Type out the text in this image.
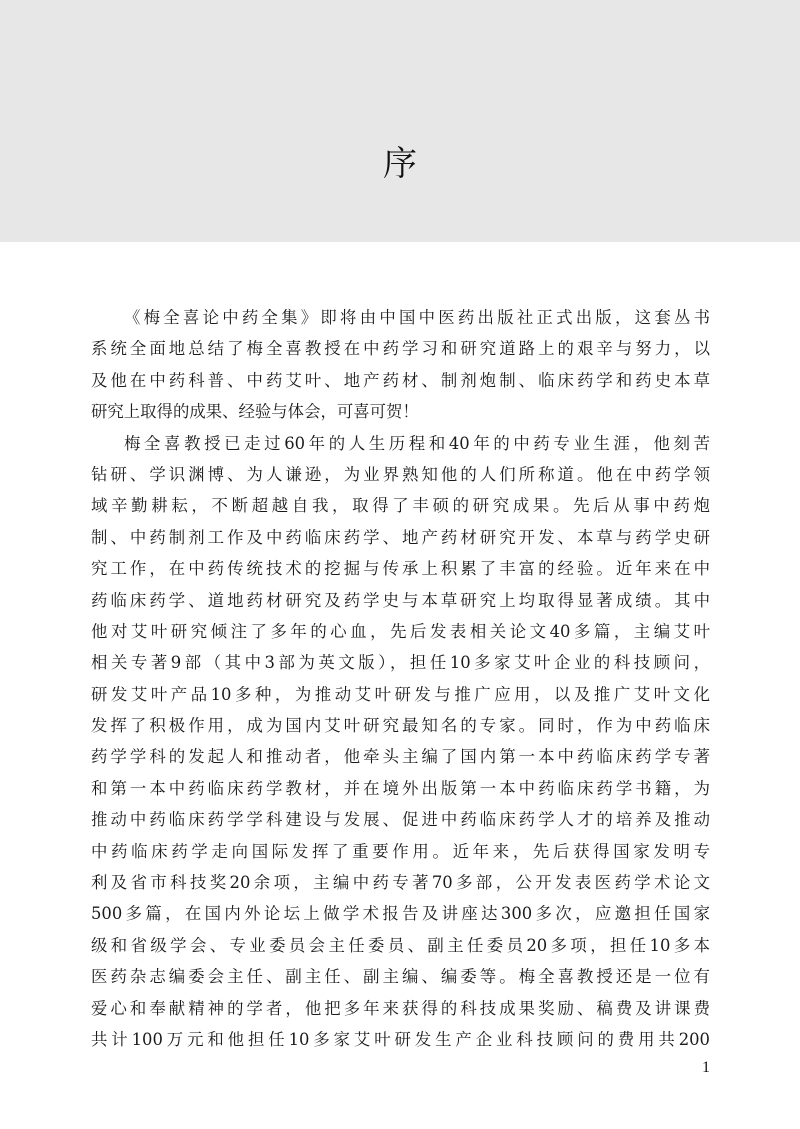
序
《梅全喜论中药全集》即将由中国中医药出版社正式出版，这套丛书
系统全面地总结了梅全喜教授在中药学习和研究道路上的艰辛与努力，以
及他在中药科普、中药艾叶、地产药材、制剂炮制、临床药学和药史本草
研究上取得的成果、经验与体会，可喜可贺！
梅全喜教授已走过60年的人生历程和40年的中药专业生涯，他刻苦
钻研、学识渊博、为人谦逊，为业界熟知他的人们所称道。他在中药学领
域辛勤耕耘，不断超越自我，取得了丰硕的研究成果。先后从事中药炮
制、中药制剂工作及中药临床药学、地产药材研究开发、本草与药学史研
究工作，在中药传统技术的挖掘与传承上积累了丰富的经验。近年来在中
药临床药学、道地药材研究及药学史与本草研究上均取得显著成绩。其中
他对艾叶研究倾注了多年的心血，先后发表相关论文40多篇，主编艾叶
相关专著9部（其中3部为英文版），担任10多家艾叶企业的科技顾问，
研发艾叶产品10多种，为推动艾叶研发与推广应用，以及推广艾叶文化
发挥了积极作用，成为国内艾叶研究最知名的专家。同时，作为中药临床
药学学科的发起人和推动者，他牵头主编了国内第一本中药临床药学专著
和第一本中药临床药学教材，并在境外出版第一本中药临床药学书籍，为
推动中药临床药学学科建设与发展、促进中药临床药学人才的培养及推动
中药临床药学走向国际发挥了重要作用。近年来，先后获得国家发明专
利及省市科技奖20余项，主编中药专著70多部，公开发表医药学术论文
500多篇，在国内外论坛上做学术报告及讲座达300多次，应邀担任国家
级和省级学会、专业委员会主任委员、副主任委员20多项，担任10多本
医药杂志编委会主任、副主任、副主编、编委等。梅全喜教授还是一位有
爱心和奉献精神的学者，他把多年来获得的科技成果奖励、稿费及讲课费
共计100万元和他担任10多家艾叶研发生产企业科技顾问的费用共200
1
